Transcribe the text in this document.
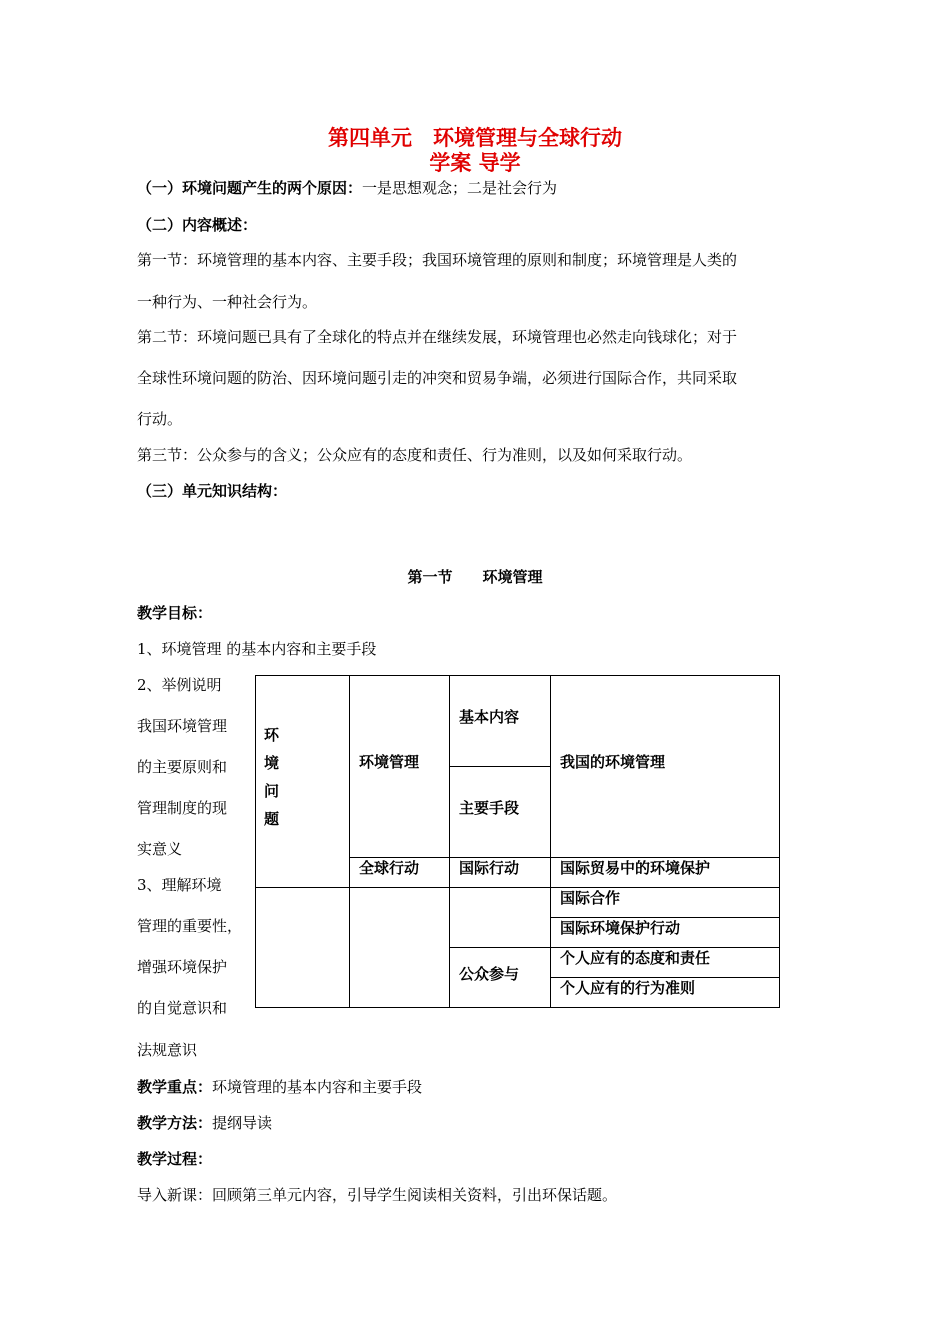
第四单元　环境管理与全球行动
学案 导学
（一）环境问题产生的两个原因：一是思想观念；二是社会行为
（二）内容概述：
第一节：环境管理的基本内容、主要手段；我国环境管理的原则和制度；环境管理是人类的
一种行为、一种社会行为。
第二节：环境问题已具有了全球化的特点并在继续发展，环境管理也必然走向钱球化；对于
全球性环境问题的防治、因环境问题引走的冲突和贸易争端，必须进行国际合作，共同采取
行动。
第三节：公众参与的含义；公众应有的态度和责任、行为准则，以及如何采取行动。
（三）单元知识结构：
第一节　　环境管理
教学目标：
1、环境管理 的基本内容和主要手段
2、举例说明
我国环境管理
的主要原则和
管理制度的现
实意义
3、理解环境
管理的重要性，
增强环境保护
的自觉意识和
法规意识
环
境
问
题
环境管理
基本内容
主要手段
我国的环境管理
全球行动	国际行动	国际贸易中的环境保护
国际合作
国际环境保护行动
公众参与
个人应有的态度和责任
个人应有的行为准则
教学重点：环境管理的基本内容和主要手段
教学方法：提纲导读
教学过程：
导入新课：回顾第三单元内容，引导学生阅读相关资料，引出环保话题。
